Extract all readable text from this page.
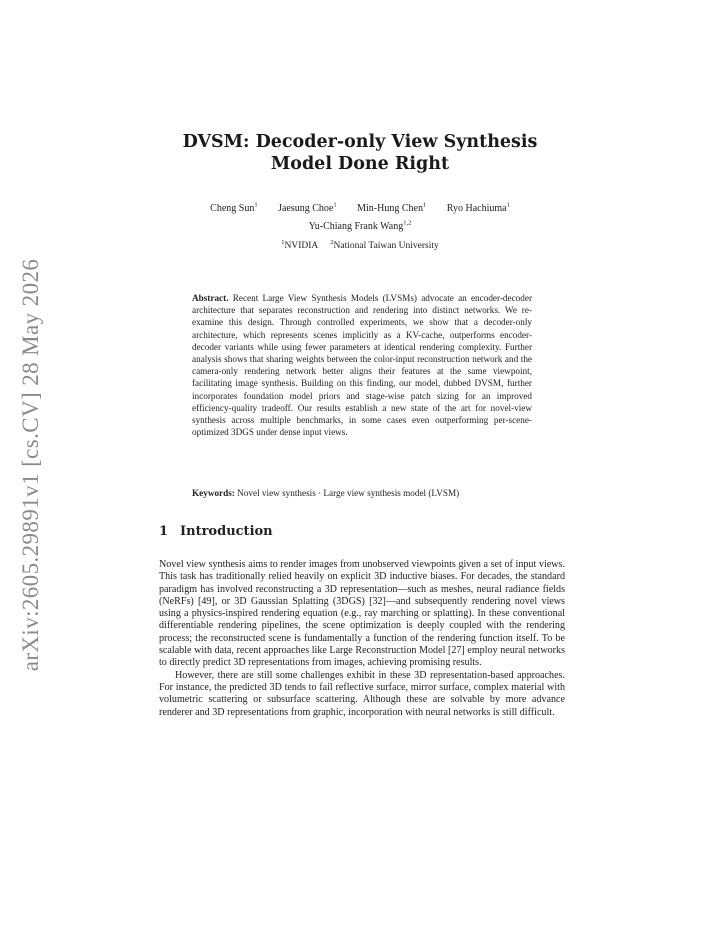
arXiv:2605.29891v1 [cs.CV] 28 May 2026
DVSM: Decoder-only View Synthesis Model Done Right
Cheng Sun$^1$ Jaesung Choe$^1$ Min-Hung Chen$^1$ Ryo Hachiuma$^1$
Yu-Chiang Frank Wang$^{1,2}$
$^1$NVIDIA $^2$National Taiwan University
Abstract. Recent Large View Synthesis Models (LVSMs) advocate an encoder-decoder architecture that separates reconstruction and rendering into distinct networks. We re-examine this design. Through controlled experiments, we show that a decoder-only architecture, which represents scenes implicitly as a KV-cache, outperforms encoder-decoder variants while using fewer parameters at identical rendering complexity. Further analysis shows that sharing weights between the color-input reconstruction network and the camera-only rendering network better aligns their features at the same viewpoint, facilitating image synthesis. Building on this finding, our model, dubbed DVSM, further incorporates foundation model priors and stage-wise patch sizing for an improved efficiency-quality tradeoff. Our results establish a new state of the art for novel-view synthesis across multiple benchmarks, in some cases even outperforming per-scene-optimized 3DGS under dense input views.
Keywords: Novel view synthesis · Large view synthesis model (LVSM)
1 Introduction

Novel view synthesis aims to render images from unobserved viewpoints given a set of input views. This task has traditionally relied heavily on explicit 3D inductive biases. For decades, the standard paradigm has involved reconstructing a 3D representation—such as meshes, neural radiance fields (NeRFs) [49], or 3D Gaussian Splatting (3DGS) [32]—and subsequently rendering novel views using a physics-inspired rendering equation (e.g., ray marching or splatting). In these conventional differentiable rendering pipelines, the scene optimization is deeply coupled with the rendering process; the reconstructed scene is fundamentally a function of the rendering function itself. To be scalable with data, recent approaches like Large Reconstruction Model [27] employ neural networks to directly predict 3D representations from images, achieving promising results.

However, there are still some challenges exhibit in these 3D representation-based approaches. For instance, the predicted 3D tends to fail reflective surface, mirror surface, complex material with volumetric scattering or subsurface scattering. Although these are solvable by more advance renderer and 3D representations from graphic, incorporation with neural networks is still difficult.
